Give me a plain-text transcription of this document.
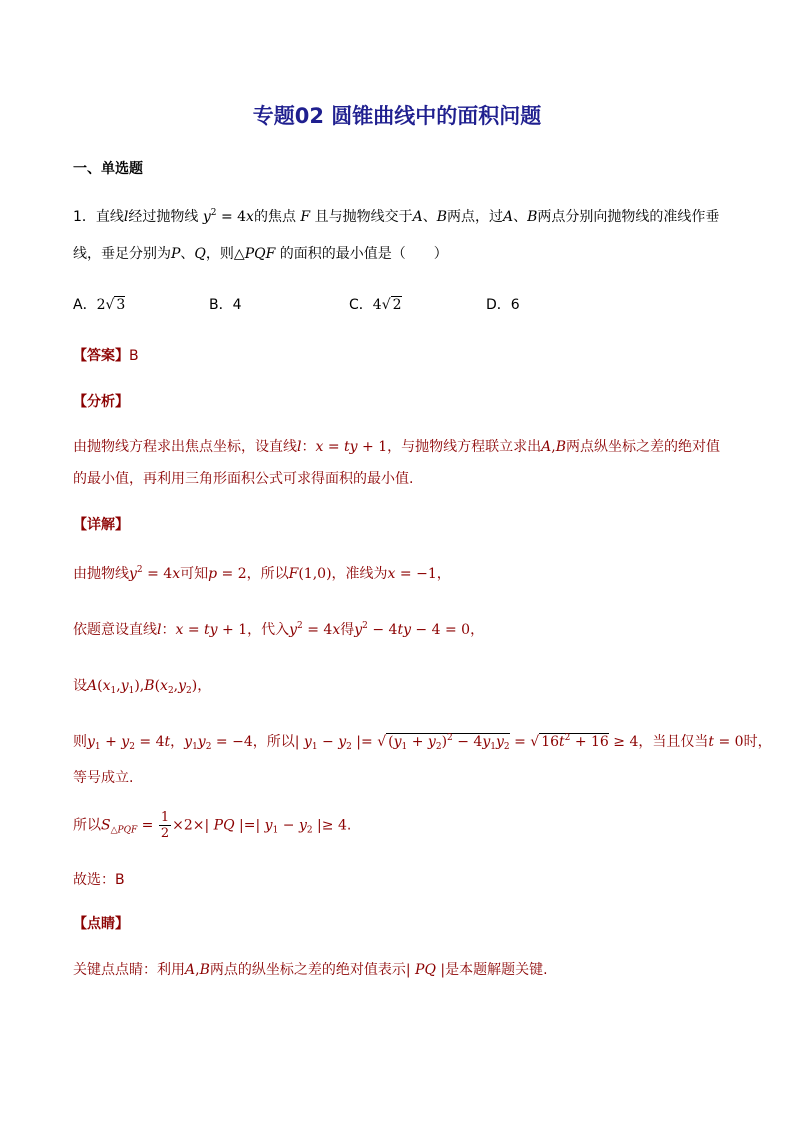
专题02 圆锥曲线中的面积问题
一、单选题
1．直线l经过抛物线 $y^2 = 4x$的焦点 F 且与抛物线交于A、B两点，过A、B两点分别向抛物线的准线作垂
线，垂足分别为P、Q，则△PQF 的面积的最小值是（　　）
A．2√ 3	B．4	C．4√ 2	D．6
【答案】B
【分析】
由抛物线方程求出焦点坐标，设直线l：x = ty + 1，与抛物线方程联立求出A,B两点纵坐标之差的绝对值
的最小值，再利用三角形面积公式可求得面积的最小值.
【详解】
由抛物线$y^2 = 4x$可知p = 2，所以F(1,0)，准线为x = −1，
依题意设直线l：x = ty + 1，代入$y^2 = 4x$得$y^2 - 4ty - 4 = 0$，
设$A(x_1,y_1),B(x_2,y_2)$，
则$y_1 + y_2 = 4t$，$y_1y_2 = -4$，所以| $y_1 - y_2$ |= √ $(y_1 + y_2)^2 - 4y_1y_2$ = √ $16t^2 + 16 \ge 4$，当且仅当t = 0时，
等号成立.
所以$S_{\triangle PQF} = \frac{1}{2} \times 2\times|$ PQ |=| $y_1 - y_2$ |≥ 4.
故选：B
【点睛】
关键点点睛：利用A,B两点的纵坐标之差的绝对值表示| PQ |是本题解题关键.
